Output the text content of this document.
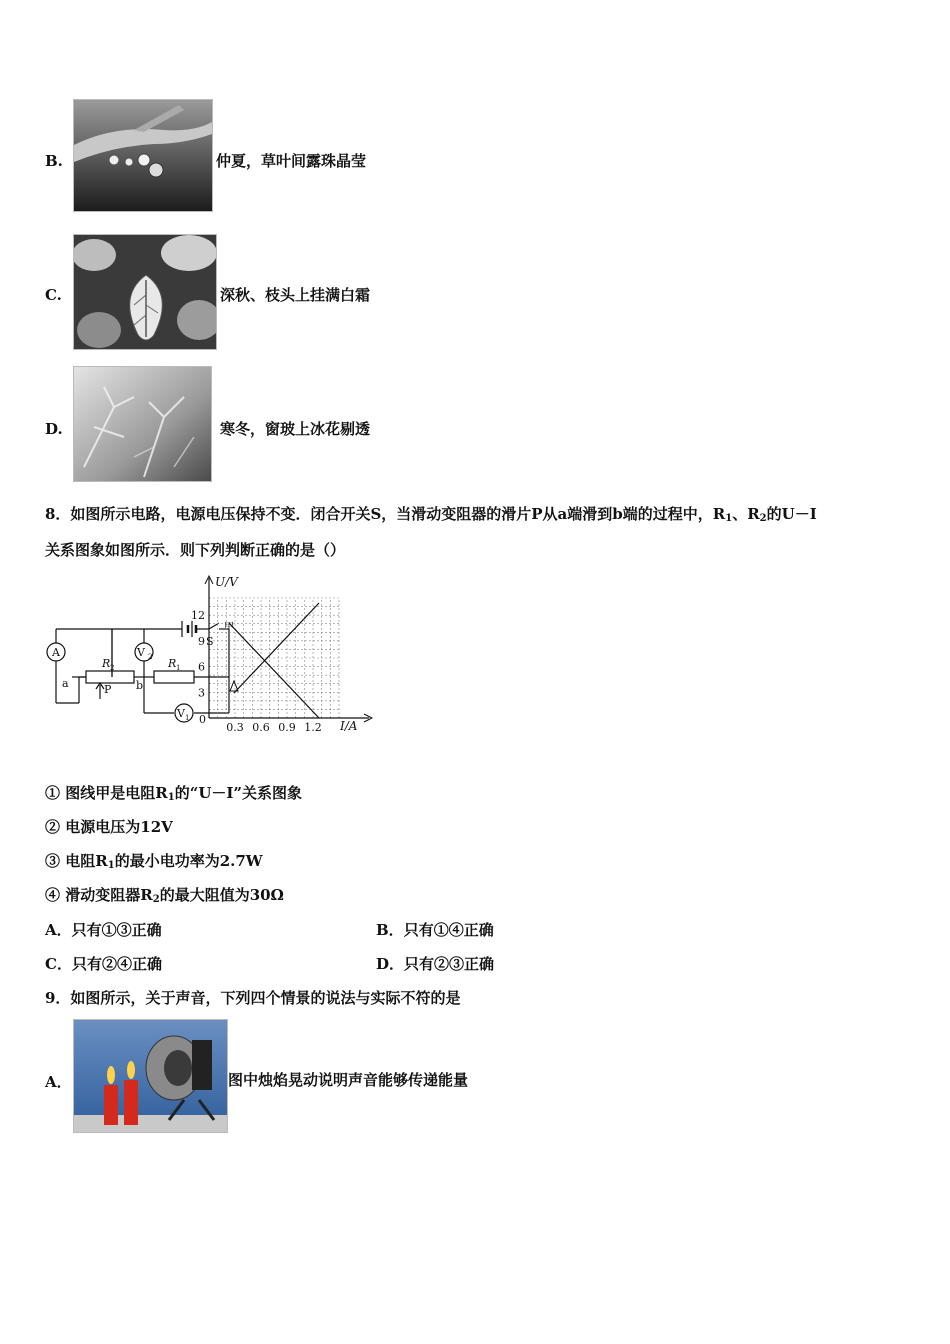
B.	仲夏，草叶间露珠晶莹
C.	深秋、枝头上挂满白霜
D.	寒冬，窗玻上冰花剔透
8．如图所示电路，电源电压保持不变．闭合开关S，当滑动变阻器的滑片P从a端滑到b端的过程中，$R_1$、$R_2$的U－I
关系图象如图所示．则下列判断正确的是（）
A	V 2
V 1
S
R 2	R 1
a	b
P	3
6
9
12
0.3 0.6 0.9 1.2
U/V
I/A
0
甲
① 图线甲是电阻$R_1$的“U－I”关系图象
② 电源电压为12V
③ 电阻$R_1$的最小电功率为2.7W
④ 滑动变阻器$R_2$的最大阻值为30Ω
A．只有①③正确	B．只有①④正确
C．只有②④正确	D．只有②③正确
9．如图所示，关于声音，下列四个情景的说法与实际不符的是
A．	图中烛焰晃动说明声音能够传递能量
